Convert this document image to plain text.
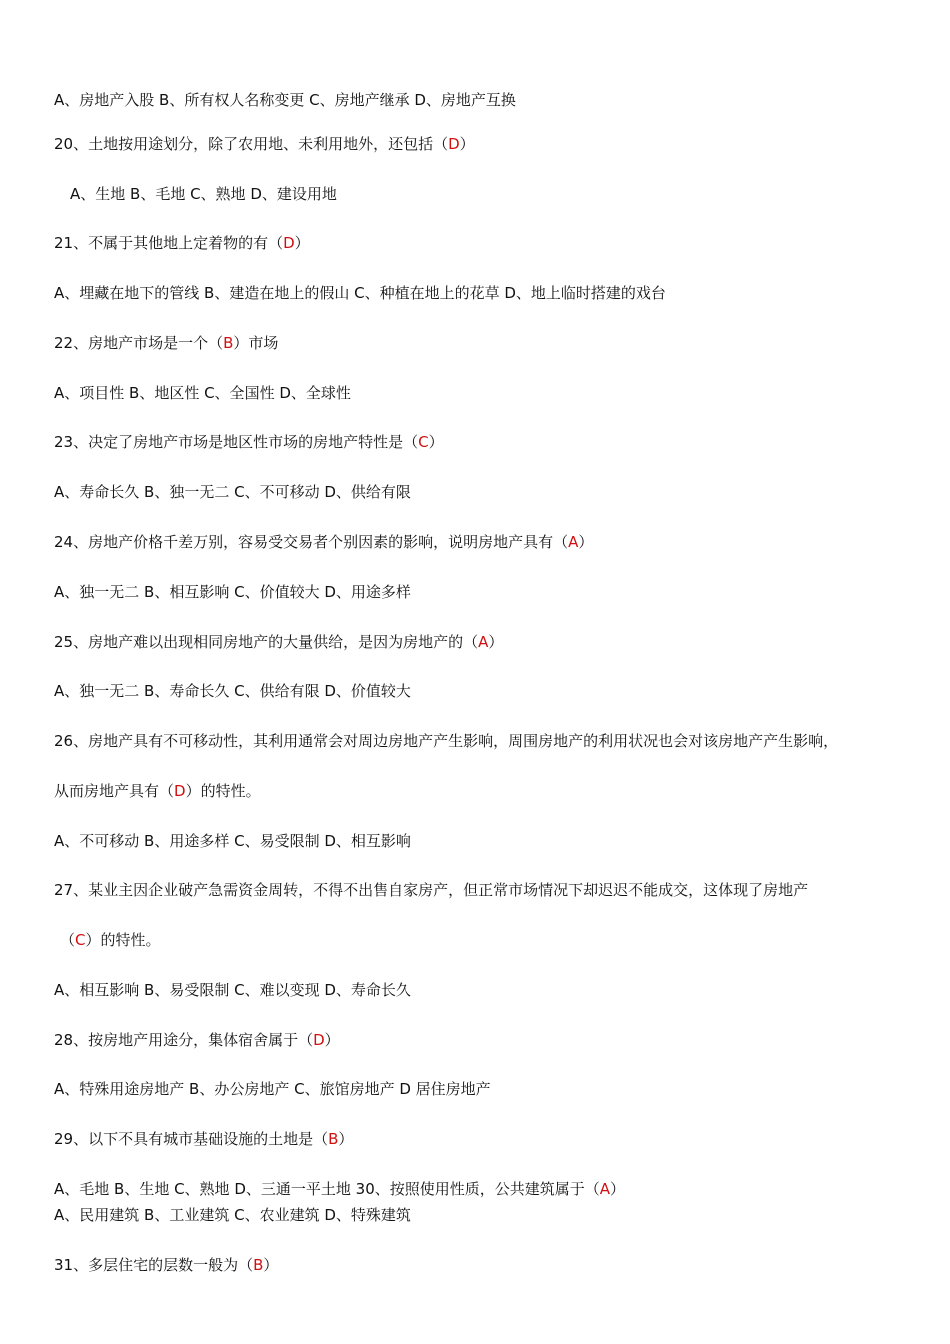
A、房地产入股 B、所有权人名称变更 C、房地产继承 D、房地产互换
20、土地按用途划分，除了农用地、未利用地外，还包括（D）
A、生地 B、毛地 C、熟地 D、建设用地
21、不属于其他地上定着物的有（D）
A、埋藏在地下的管线 B、建造在地上的假山 C、种植在地上的花草 D、地上临时搭建的戏台
22、房地产市场是一个（B）市场
A、项目性 B、地区性 C、全国性 D、全球性
23、决定了房地产市场是地区性市场的房地产特性是（C）
A、寿命长久 B、独一无二 C、不可移动 D、供给有限
24、房地产价格千差万别，容易受交易者个别因素的影响，说明房地产具有（A）
A、独一无二 B、相互影响 C、价值较大 D、用途多样
25、房地产难以出现相同房地产的大量供给，是因为房地产的（A）
A、独一无二 B、寿命长久 C、供给有限 D、价值较大
26、房地产具有不可移动性，其利用通常会对周边房地产产生影响，周围房地产的利用状况也会对该房地产产生影响，
从而房地产具有（D）的特性。
A、不可移动 B、用途多样 C、易受限制 D、相互影响
27、某业主因企业破产急需资金周转，不得不出售自家房产，但正常市场情况下却迟迟不能成交，这体现了房地产
（C）的特性。
A、相互影响 B、易受限制 C、难以变现 D、寿命长久
28、按房地产用途分，集体宿舍属于（D）
A、特殊用途房地产 B、办公房地产 C、旅馆房地产 D 居住房地产
29、以下不具有城市基础设施的土地是（B）
A、毛地 B、生地 C、熟地 D、三通一平土地 30、按照使用性质，公共建筑属于（A）
A、民用建筑 B、工业建筑 C、农业建筑 D、特殊建筑
31、多层住宅的层数一般为（B）
